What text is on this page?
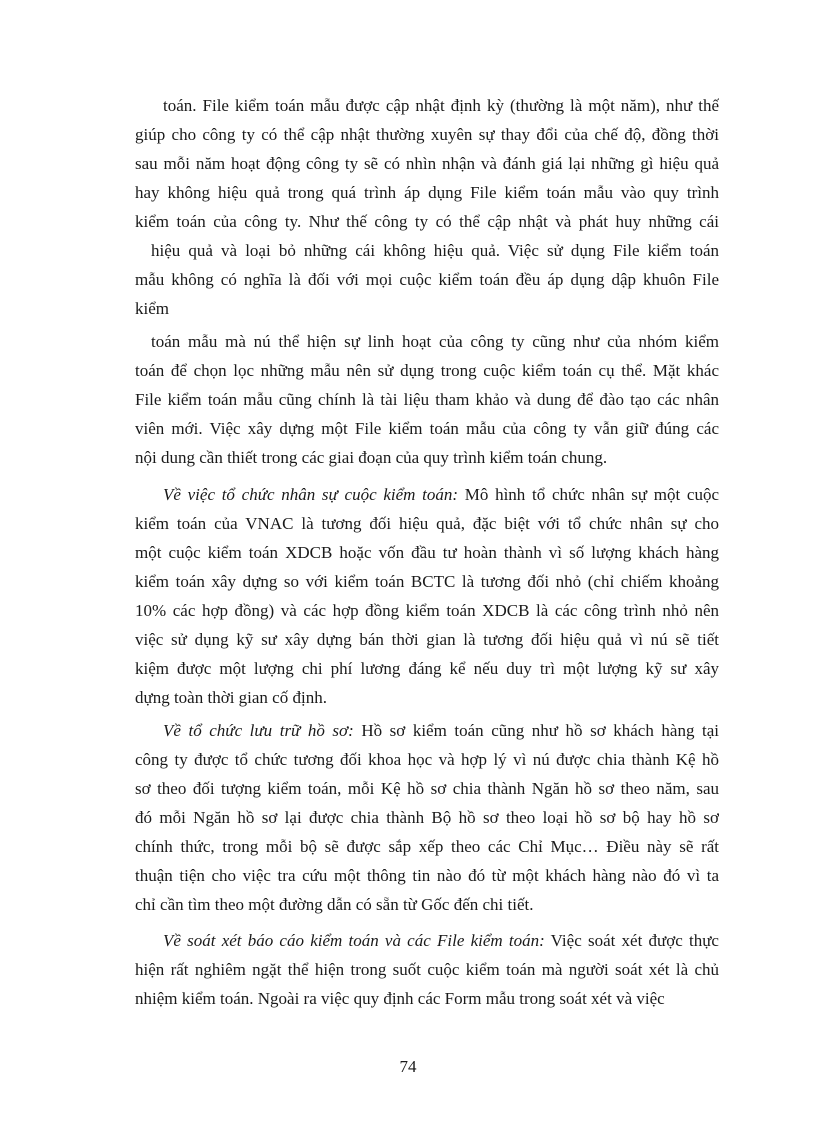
toán. File kiểm toán mẫu được cập nhật định kỳ (thường là một năm), như thế
giúp cho công ty có thể cập nhật thường xuyên sự thay đổi của chế độ, đồng thời
sau mỗi năm hoạt động công ty sẽ có nhìn nhận và đánh giá lại những gì hiệu quả
hay không hiệu quả trong quá trình áp dụng File kiểm toán mẫu vào quy trình
kiểm toán của công ty. Như thế công ty có thể cập nhật và phát huy những cái
hiệu quả và loại bỏ những cái không hiệu quả. Việc sử dụng File kiểm toán
mẫu không có nghĩa là đối với mọi cuộc kiểm toán đều áp dụng dập khuôn File
kiểm
toán mẫu mà nú thể hiện sự linh hoạt của công ty cũng như của nhóm kiểm
toán để chọn lọc những mẫu nên sử dụng trong cuộc kiểm toán cụ thể. Mặt khác
File kiểm toán mẫu cũng chính là tài liệu tham khảo và dung để đào tạo các nhân
viên mới. Việc xây dựng một File kiểm toán mẫu của công ty vẫn giữ đúng các
nội dung cần thiết trong các giai đoạn của quy trình kiểm toán chung.
Về việc tổ chức nhân sự cuộc kiểm toán: Mô hình tổ chức nhân sự một cuộc
kiểm toán của VNAC là tương đối hiệu quả, đặc biệt với tổ chức nhân sự cho
một cuộc kiểm toán XDCB hoặc vốn đầu tư hoàn thành vì số lượng khách hàng
kiểm toán xây dựng so với kiểm toán BCTC là tương đối nhỏ (chỉ chiếm khoảng
10% các hợp đồng) và các hợp đồng kiểm toán XDCB là các công trình nhỏ nên
việc sử dụng kỹ sư xây dựng bán thời gian là tương đối hiệu quả vì nú sẽ tiết
kiệm được một lượng chi phí lương đáng kể nếu duy trì một lượng kỹ sư xây
dựng toàn thời gian cố định.
Về tổ chức lưu trữ hồ sơ: Hồ sơ kiểm toán cũng như hồ sơ khách hàng tại
công ty được tổ chức tương đối khoa học và hợp lý vì nú được chia thành Kệ hồ
sơ theo đối tượng kiểm toán, mỗi Kệ hồ sơ chia thành Ngăn hồ sơ theo năm, sau
đó mỗi Ngăn hồ sơ lại được chia thành Bộ hồ sơ theo loại hồ sơ bộ hay hồ sơ
chính thức, trong mỗi bộ sẽ được sắp xếp theo các Chỉ Mục… Điều này sẽ rất
thuận tiện cho việc tra cứu một thông tin nào đó từ một khách hàng nào đó vì ta
chỉ cần tìm theo một đường dẫn có sẵn từ Gốc đến chi tiết.
Về soát xét báo cáo kiểm toán và các File kiểm toán: Việc soát xét được thực
hiện rất nghiêm ngặt thể hiện trong suốt cuộc kiểm toán mà người soát xét là chủ
nhiệm kiểm toán. Ngoài ra việc quy định các Form mẫu trong soát xét và việc
74
